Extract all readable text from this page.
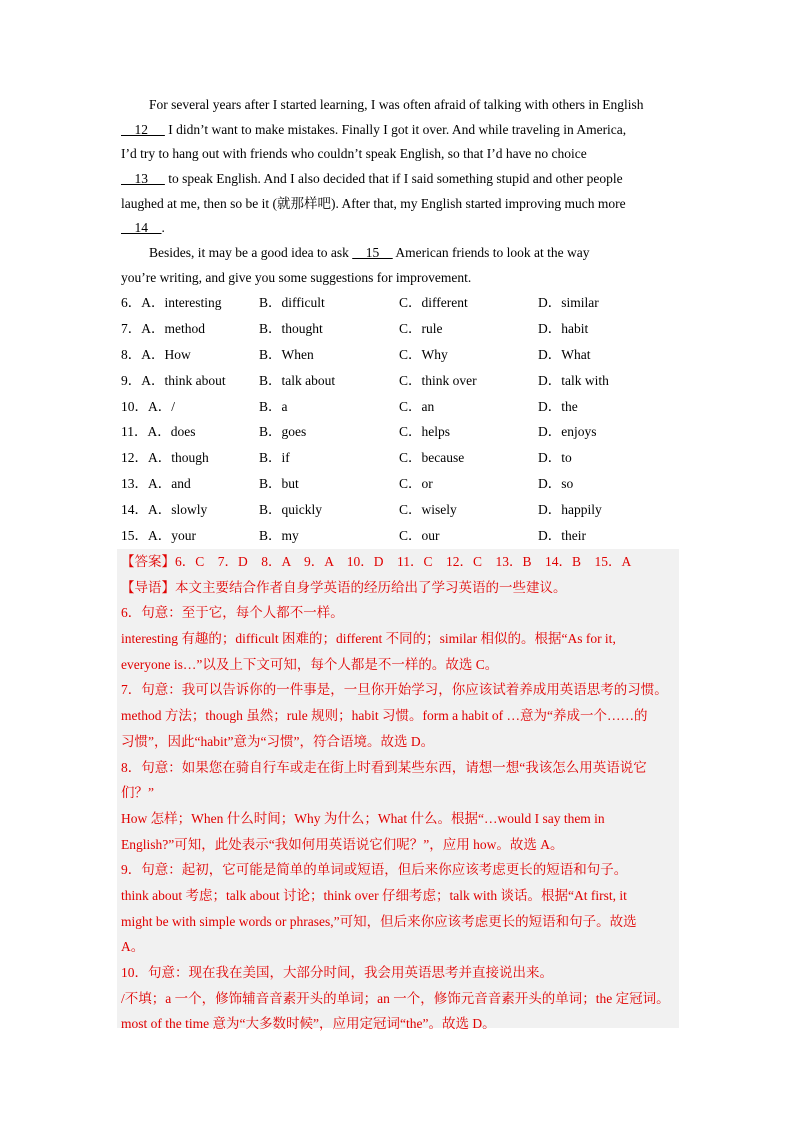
For several years after I started learning, I was often afraid of talking with others in English
12      I didn’t want to make mistakes. Finally I got it over. And while traveling in America,
I’d try to hang out with friends who couldn’t speak English, so that I’d have no choice
13      to speak English. And I also decided that if I said something stupid and other people
laughed at me, then so be it (就那样吧). After that, my English started improving much more
14    .
Besides, it may be a good idea to ask     15     American friends to look at the way
you’re writing, and give you some suggestions for improvement.
6．A．interesting	B．difficult	C．different	D．similar
7．A．method	B．thought	C．rule	D．habit
8．A．How	B．When	C．Why	D．What
9．A．think about B．talk about	C．think over	D．talk with
10．A．/	B．a	C．an	D．the
11．A．does	B．goes	C．helps	D．enjoys
12．A．though	B．if	C．because	D．to
13．A．and	B．but	C．or	D．so
14．A．slowly	B．quickly	C．wisely	D．happily
15．A．your	B．my	C．our	D．their
【答案】6．C　7．D　8．A　9．A　10．D　11．C　12．C　13．B　14．B　15．A
【导语】本文主要结合作者自身学英语的经历给出了学习英语的一些建议。
6．句意：至于它，每个人都不一样。
interesting 有趣的；difficult 困难的；different 不同的；similar 相似的。根据“As for it,
everyone is…”以及上下文可知，每个人都是不一样的。故选 C。
7．句意：我可以告诉你的一件事是，一旦你开始学习，你应该试着养成用英语思考的习惯。
method 方法；though 虽然；rule 规则；habit 习惯。form a habit of …意为“养成一个……的
习惯”，因此“habit”意为“习惯”，符合语境。故选 D。
8．句意：如果您在骑自行车或走在街上时看到某些东西，请想一想“我该怎么用英语说它
们？”
How 怎样；When 什么时间；Why 为什么；What 什么。根据“…would I say them in
English?”可知，此处表示“我如何用英语说它们呢？”，应用 how。故选 A。
9．句意：起初，它可能是简单的单词或短语，但后来你应该考虑更长的短语和句子。
think about 考虑；talk about 讨论；think over 仔细考虑；talk with 谈话。根据“At first, it
might be with simple words or phrases,”可知，但后来你应该考虑更长的短语和句子。故选
A。
10．句意：现在我在美国，大部分时间，我会用英语思考并直接说出来。
/不填；a 一个，修饰辅音音素开头的单词；an 一个，修饰元音音素开头的单词；the 定冠词。
most of the time 意为“大多数时候”，应用定冠词“the”。故选 D。
